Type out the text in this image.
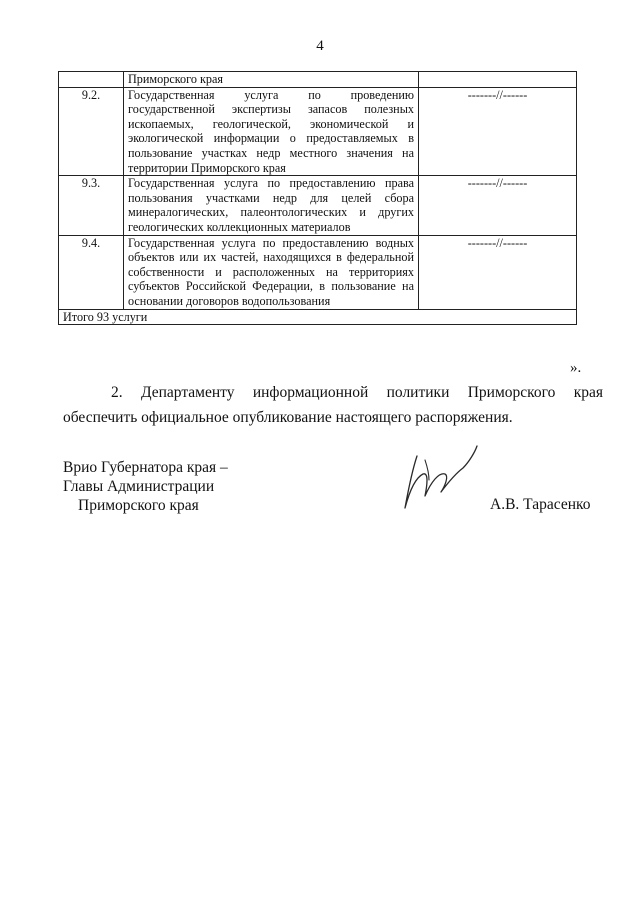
4
	Приморского края	
9.2.	Государственная услуга по проведению государственной экспертизы запасов полезных ископаемых, геологической, экономической и экологической информации о предоставляемых в пользование участках недр местного значения на территории Приморского края	-------//------
9.3.	Государственная услуга по предоставлению права пользования участками недр для целей сбора минералогических, палеонтологических и других геологических коллекционных материалов	-------//------
9.4.	Государственная услуга по предоставлению водных объектов или их частей, находящихся в федеральной собственности и расположенных на территориях субъектов Российской Федерации, в пользование на основании договоров водопользования	-------//------
Итого 93 услуги		
».
2. Департаменту информационной политики Приморского края обеспечить официальное опубликование настоящего распоряжения.
Врио Губернатора края –
Главы Администрации
Приморского края	А.В. Тарасенко
